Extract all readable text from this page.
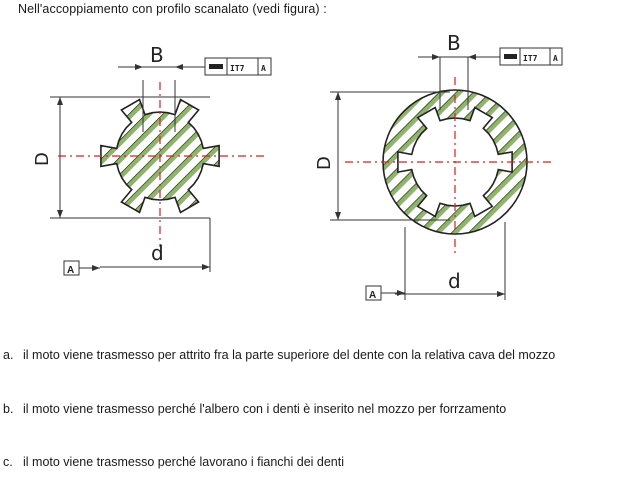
Nell'accoppiamento con profilo scanalato (vedi figura) :
B
IT7 A
D
A
d
B
IT7 A
D
A
d
a. il moto viene trasmesso per attrito fra la parte superiore del dente con la relativa cava del mozzo
b. il moto viene trasmesso perché l'albero con i denti è inserito nel mozzo per forrzamento
c. il moto viene trasmesso perché lavorano i fianchi dei denti
